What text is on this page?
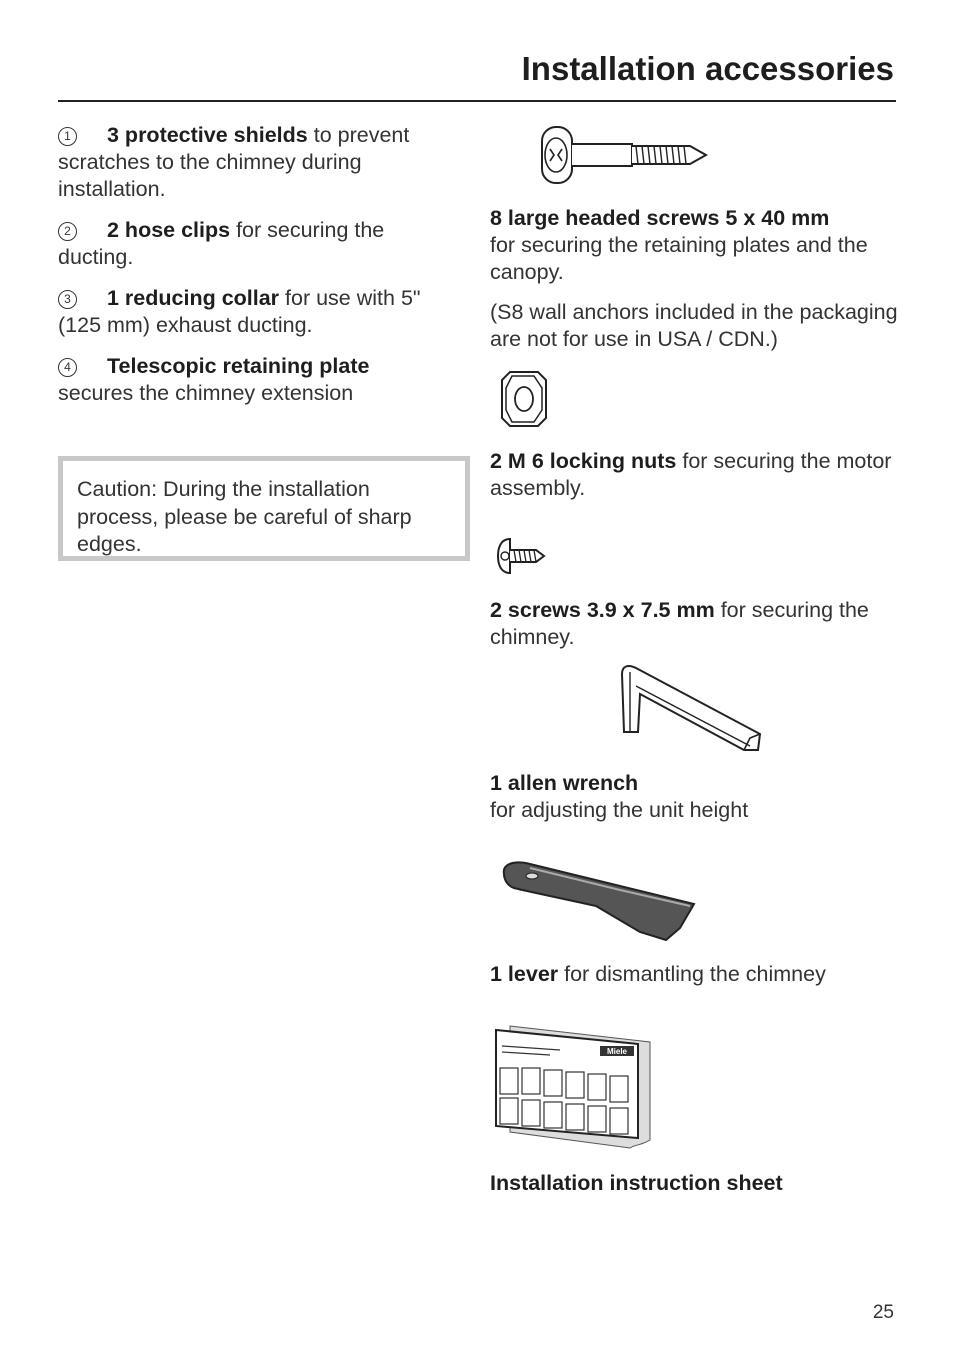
Installation accessories

1 3 protective shields to prevent scratches to the chimney during installation.

2 2 hose clips for securing the ducting.

3 1 reducing collar for use with 5" (125 mm) exhaust ducting.

4 Telescopic retaining plate
secures the chimney extension

Caution: During the installation process, please be careful of sharp edges.

8 large headed screws 5 x 40 mm
for securing the retaining plates and the canopy.

(S8 wall anchors included in the packaging are not for use in USA / CDN.)

2 M 6 locking nuts for securing the motor assembly.

2 screws 3.9 x 7.5 mm for securing the chimney.

1 allen wrench
for adjusting the unit height

1 lever for dismantling the chimney

Miele

Installation instruction sheet

25
